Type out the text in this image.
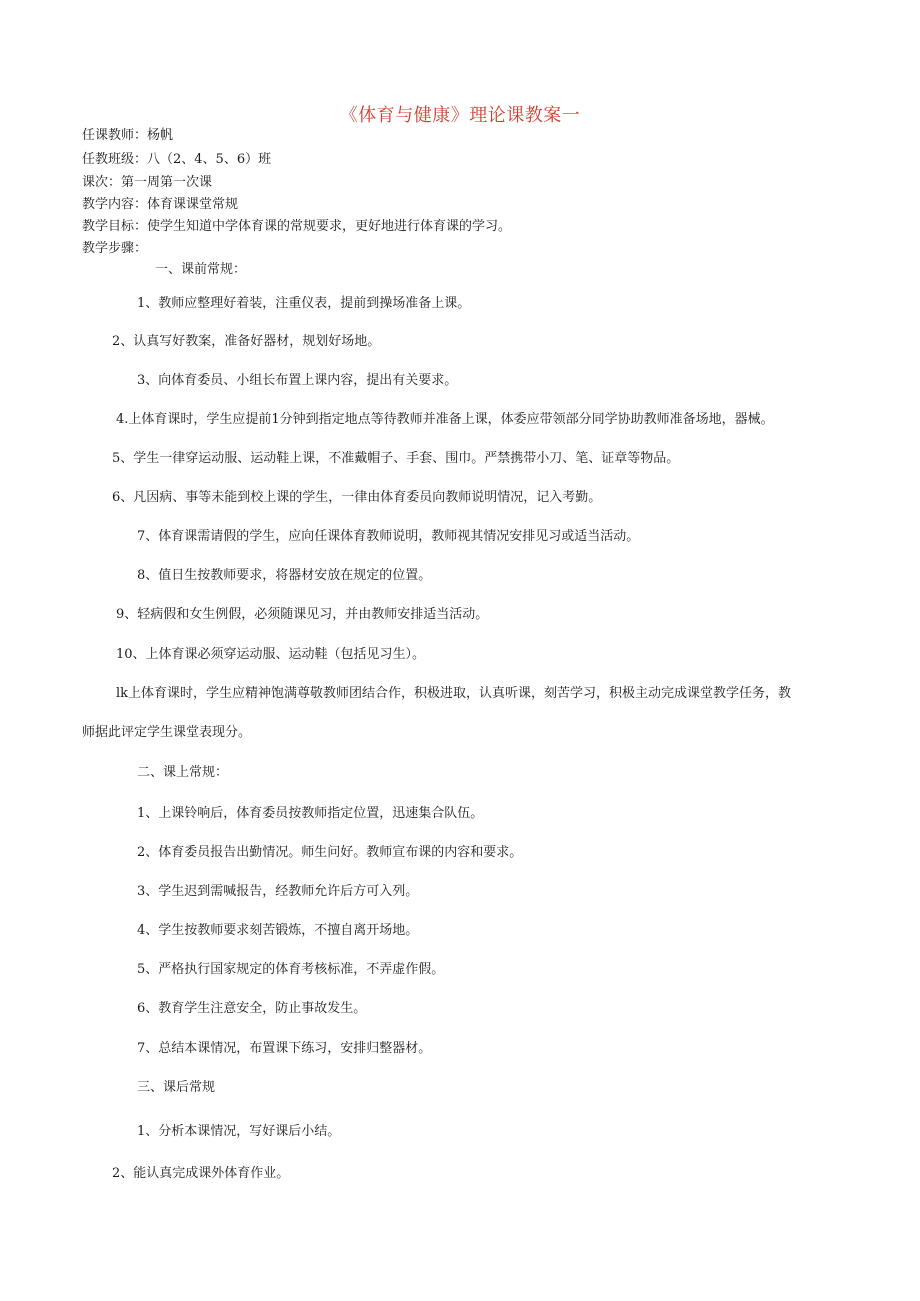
《体育与健康》理论课教案一
任课教师：杨帆
任教班级：八（2、4、5、6）班
课次：第一周第一次课
教学内容：体育课课堂常规
教学目标：使学生知道中学体育课的常规要求，更好地进行体育课的学习。
教学步骤：
一、课前常规：
1、教师应整理好着装，注重仪表，提前到操场准备上课。
2、认真写好教案，准备好器材，规划好场地。
3、向体育委员、小组长布置上课内容，提出有关要求。
4.上体育课时，学生应提前1分钟到指定地点等待教师并准备上课，体委应带领部分同学协助教师准备场地，器械。
5、学生一律穿运动服、运动鞋上课，不准戴帽子、手套、围巾。严禁携带小刀、笔、证章等物品。
6、凡因病、事等未能到校上课的学生，一律由体育委员向教师说明情况，记入考勤。
7、体育课需请假的学生，应向任课体育教师说明，教师视其情况安排见习或适当活动。
8、值日生按教师要求，将器材安放在规定的位置。
9、轻病假和女生例假，必须随课见习，并由教师安排适当活动。
10、上体育课必须穿运动服、运动鞋（包括见习生）。
lk上体育课时，学生应精神饱满尊敬教师团结合作，积极进取，认真听课，刻苦学习，积极主动完成课堂教学任务，教
师据此评定学生课堂表现分。
二、课上常规：
1、上课铃响后，体育委员按教师指定位置，迅速集合队伍。
2、体育委员报告出勤情况。师生问好。教师宣布课的内容和要求。
3、学生迟到需喊报告，经教师允许后方可入列。
4、学生按教师要求刻苦锻炼，不擅自离开场地。
5、严格执行国家规定的体育考核标准，不弄虚作假。
6、教育学生注意安全，防止事故发生。
7、总结本课情况，布置课下练习，安排归整器材。
三、课后常规
1、分析本课情况，写好课后小结。
2、能认真完成课外体育作业。
